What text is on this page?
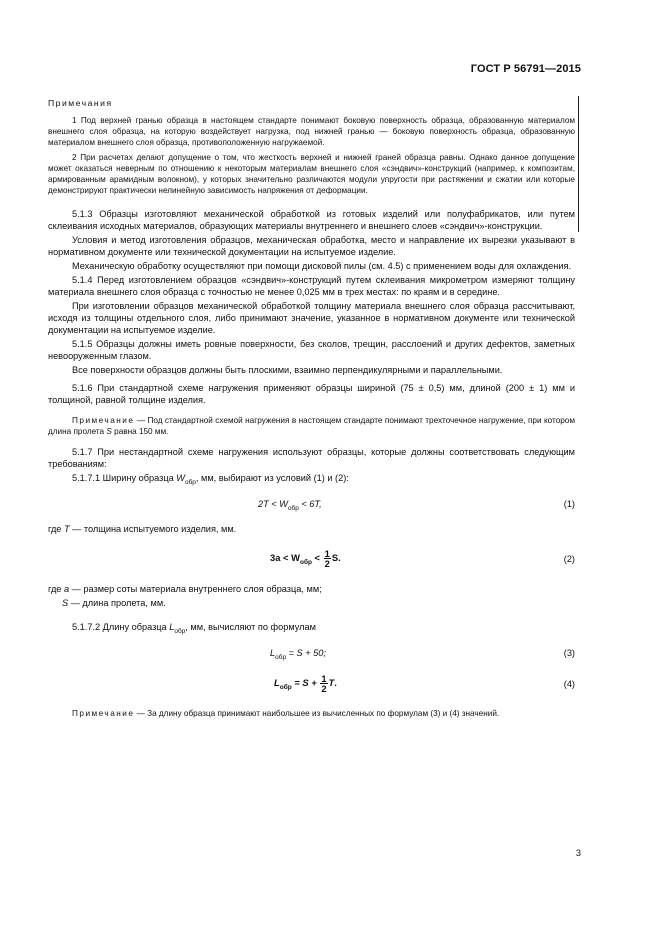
ГОСТ Р 56791—2015

Примечания

1 Под верхней гранью образца в настоящем стандарте понимают боковую поверхность образца, образованную материалом внешнего слоя образца, на которую воздействует нагрузка, под нижней гранью — боковую поверхность образца, образованную материалом внешнего слоя образца, противоположенную нагружаемой.

2 При расчетах делают допущение о том, что жесткость верхней и нижней граней образца равны. Однако данное допущение может оказаться неверным по отношению к некоторым материалам внешнего слоя «сэндвич»-конструкций (например, к композитам, армированным арамидным волокном), у которых значительно различаются модули упругости при растяжении и сжатии или которые демонстрируют практически нелинейную зависимость напряжения от деформации.

5.1.3 Образцы изготовляют механической обработкой из готовых изделий или полуфабрикатов, или путем склеивания исходных материалов, образующих материалы внутреннего и внешнего слоев «сэндвич»-конструкции.

Условия и метод изготовления образцов, механическая обработка, место и направление их вырезки указывают в нормативном документе или технической документации на испытуемое изделие.

Механическую обработку осуществляют при помощи дисковой пилы (см. 4.5) с применением воды для охлаждения.

5.1.4 Перед изготовлением образцов «сэндвич»-конструкций путем склеивания микрометром измеряют толщину материала внешнего слоя образца с точностью не менее 0,025 мм в трех местах: по краям и в середине.

При изготовлении образцов механической обработкой толщину материала внешнего слоя образца рассчитывают, исходя из толщины отдельного слоя, либо принимают значение, указанное в нормативном документе или технической документации на испытуемое изделие.

5.1.5 Образцы должны иметь ровные поверхности, без сколов, трещин, расслоений и других дефектов, заметных невооруженным глазом.

Все поверхности образцов должны быть плоскими, взаимно перпендикулярными и параллельными.

5.1.6 При стандартной схеме нагружения применяют образцы шириной (75 ± 0,5) мм, длиной (200 ± 1) мм и толщиной, равной толщине изделия.

Примечание — Под стандартной схемой нагружения в настоящем стандарте понимают трехточечное нагружение, при котором длина пролета S равна 150 мм.

5.1.7 При нестандартной схеме нагружения используют образцы, которые должны соответствовать следующим требованиям:

5.1.7.1 Ширину образца $W_{обр}$, мм, выбирают из условий (1) и (2):

$2T < W_{обр} < 6T$,	(1)

где T — толщина испытуемого изделия, мм.

$3a < W_{обр} < \frac{1}{2} S$.	(2)

где a — размер соты материала внутреннего слоя образца, мм;

S — длина пролета, мм.

5.1.7.2 Длину образца $L_{обр}$, мм, вычисляют по формулам

$L_{обр} = S + 50$;	(3)
$L_{обр} = S + \frac{1}{2} T$.	(4)

Примечание — За длину образца принимают наибольшее из вычисленных по формулам (3) и (4) значений.

3
